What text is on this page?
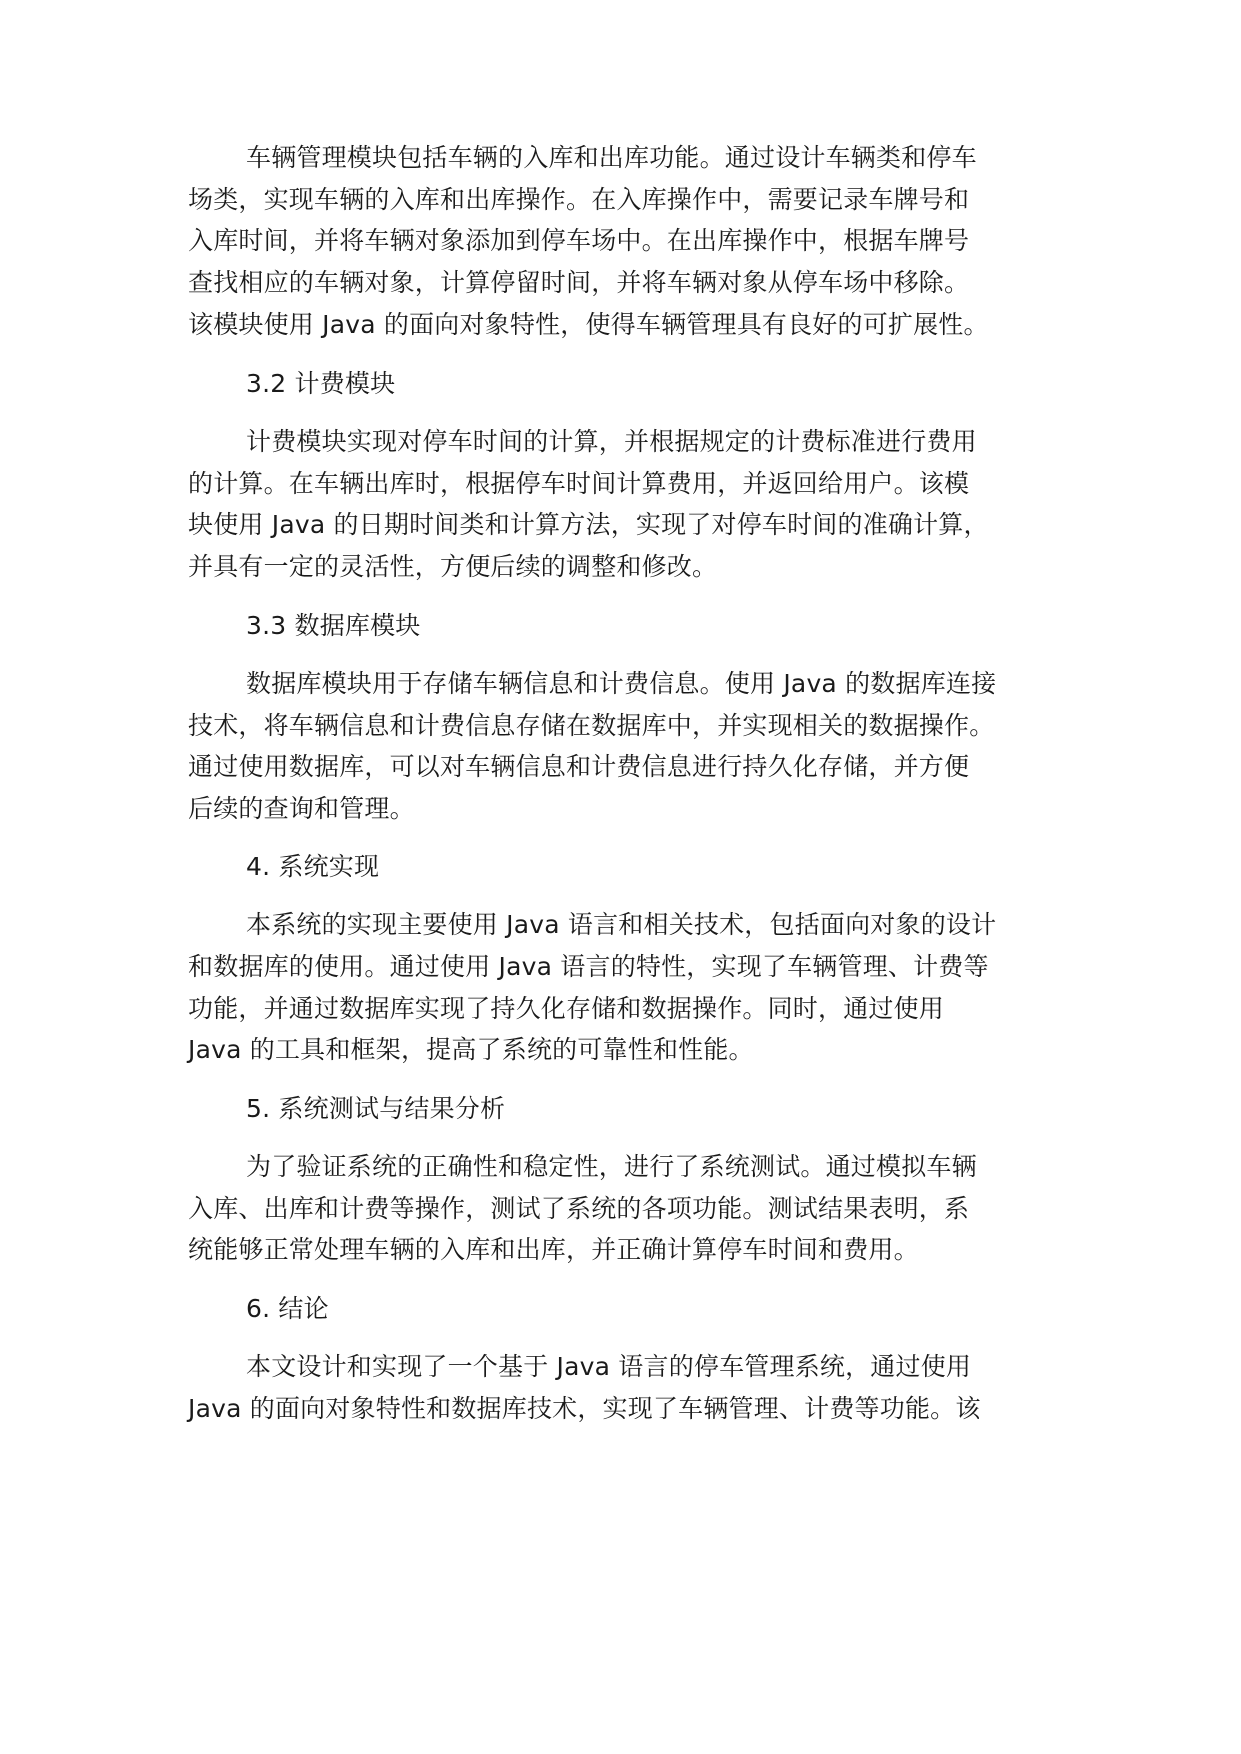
车辆管理模块包括车辆的入库和出库功能。通过设计车辆类和停车
场类，实现车辆的入库和出库操作。在入库操作中，需要记录车牌号和
入库时间，并将车辆对象添加到停车场中。在出库操作中，根据车牌号
查找相应的车辆对象，计算停留时间，并将车辆对象从停车场中移除。
该模块使用 Java 的面向对象特性，使得车辆管理具有良好的可扩展性。
3.2 计费模块
计费模块实现对停车时间的计算，并根据规定的计费标准进行费用
的计算。在车辆出库时，根据停车时间计算费用，并返回给用户。该模
块使用 Java 的日期时间类和计算方法，实现了对停车时间的准确计算，
并具有一定的灵活性，方便后续的调整和修改。
3.3 数据库模块
数据库模块用于存储车辆信息和计费信息。使用 Java 的数据库连接
技术，将车辆信息和计费信息存储在数据库中，并实现相关的数据操作。
通过使用数据库，可以对车辆信息和计费信息进行持久化存储，并方便
后续的查询和管理。
4. 系统实现
本系统的实现主要使用 Java 语言和相关技术，包括面向对象的设计
和数据库的使用。通过使用 Java 语言的特性，实现了车辆管理、计费等
功能，并通过数据库实现了持久化存储和数据操作。同时，通过使用
Java 的工具和框架，提高了系统的可靠性和性能。
5. 系统测试与结果分析
为了验证系统的正确性和稳定性，进行了系统测试。通过模拟车辆
入库、出库和计费等操作，测试了系统的各项功能。测试结果表明，系
统能够正常处理车辆的入库和出库，并正确计算停车时间和费用。
6. 结论
本文设计和实现了一个基于 Java 语言的停车管理系统，通过使用
Java 的面向对象特性和数据库技术，实现了车辆管理、计费等功能。该
